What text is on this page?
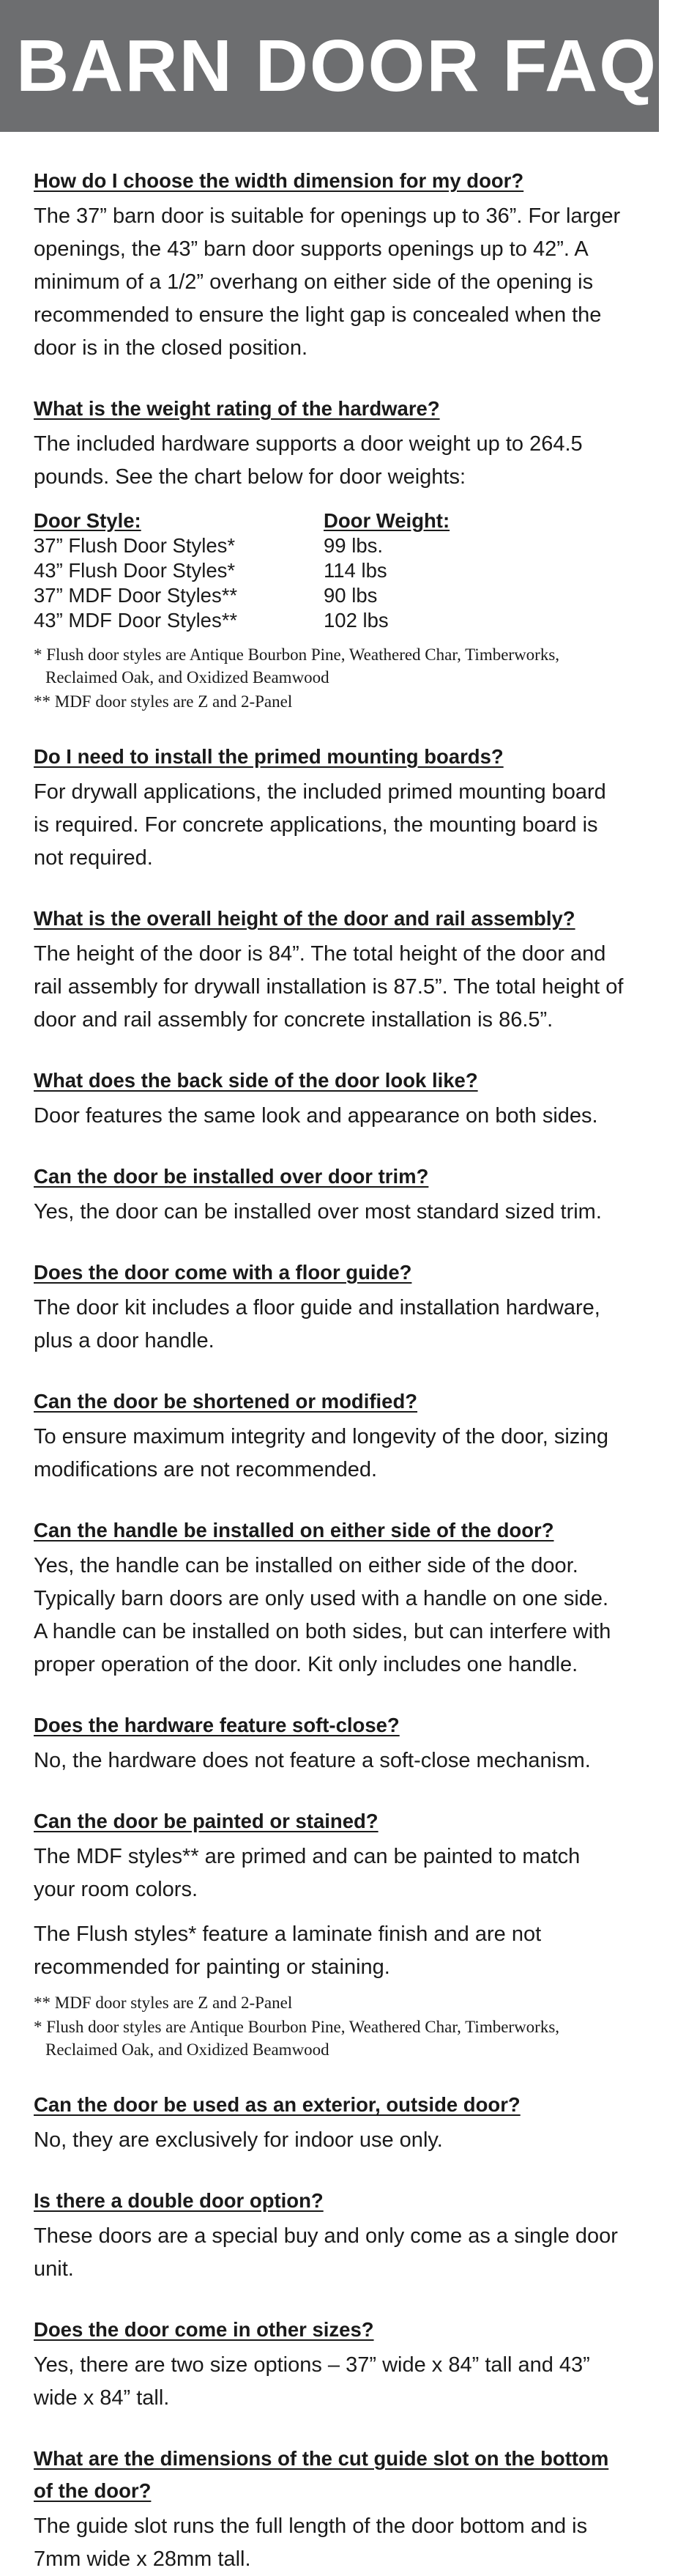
BARN DOOR FAQs

How do I choose the width dimension for my door?

The 37” barn door is suitable for openings up to 36”. For larger openings, the 43” barn door supports openings up to 42”. A minimum of a 1/2” overhang on either side of the opening is recommended to ensure the light gap is concealed when the door is in the closed position.

What is the weight rating of the hardware?

The included hardware supports a door weight up to 264.5 pounds. See the chart below for door weights:

Door Style:	Door Weight:
37” Flush Door Styles*	99 lbs.
43” Flush Door Styles*	114 lbs
37” MDF Door Styles**	90 lbs
43” MDF Door Styles**	102 lbs

* Flush door styles are Antique Bourbon Pine, Weathered Char, Timberworks, Reclaimed Oak, and Oxidized Beamwood

** MDF door styles are Z and 2-Panel

Do I need to install the primed mounting boards?

For drywall applications, the included primed mounting board is required. For concrete applications, the mounting board is not required.

What is the overall height of the door and rail assembly?

The height of the door is 84”. The total height of the door and rail assembly for drywall installation is 87.5”. The total height of door and rail assembly for concrete installation is 86.5”.

What does the back side of the door look like?

Door features the same look and appearance on both sides.

Can the door be installed over door trim?

Yes, the door can be installed over most standard sized trim.

Does the door come with a floor guide?

The door kit includes a floor guide and installation hardware, plus a door handle.

Can the door be shortened or modified?

To ensure maximum integrity and longevity of the door, sizing modifications are not recommended.

Can the handle be installed on either side of the door?

Yes, the handle can be installed on either side of the door. Typically barn doors are only used with a handle on one side. A handle can be installed on both sides, but can interfere with proper operation of the door. Kit only includes one handle.

Does the hardware feature soft-close?

No, the hardware does not feature a soft-close mechanism.

Can the door be painted or stained?

The MDF styles** are primed and can be painted to match your room colors.

The Flush styles* feature a laminate finish and are not recommended for painting or staining.

** MDF door styles are Z and 2-Panel

* Flush door styles are Antique Bourbon Pine, Weathered Char, Timberworks, Reclaimed Oak, and Oxidized Beamwood

Can the door be used as an exterior, outside door?

No, they are exclusively for indoor use only.

Is there a double door option?

These doors are a special buy and only come as a single door unit.

Does the door come in other sizes?

Yes, there are two size options – 37” wide x 84” tall and 43” wide x 84” tall.

What are the dimensions of the cut guide slot on the bottom of the door?

The guide slot runs the full length of the door bottom and is 7mm wide x 28mm tall.
